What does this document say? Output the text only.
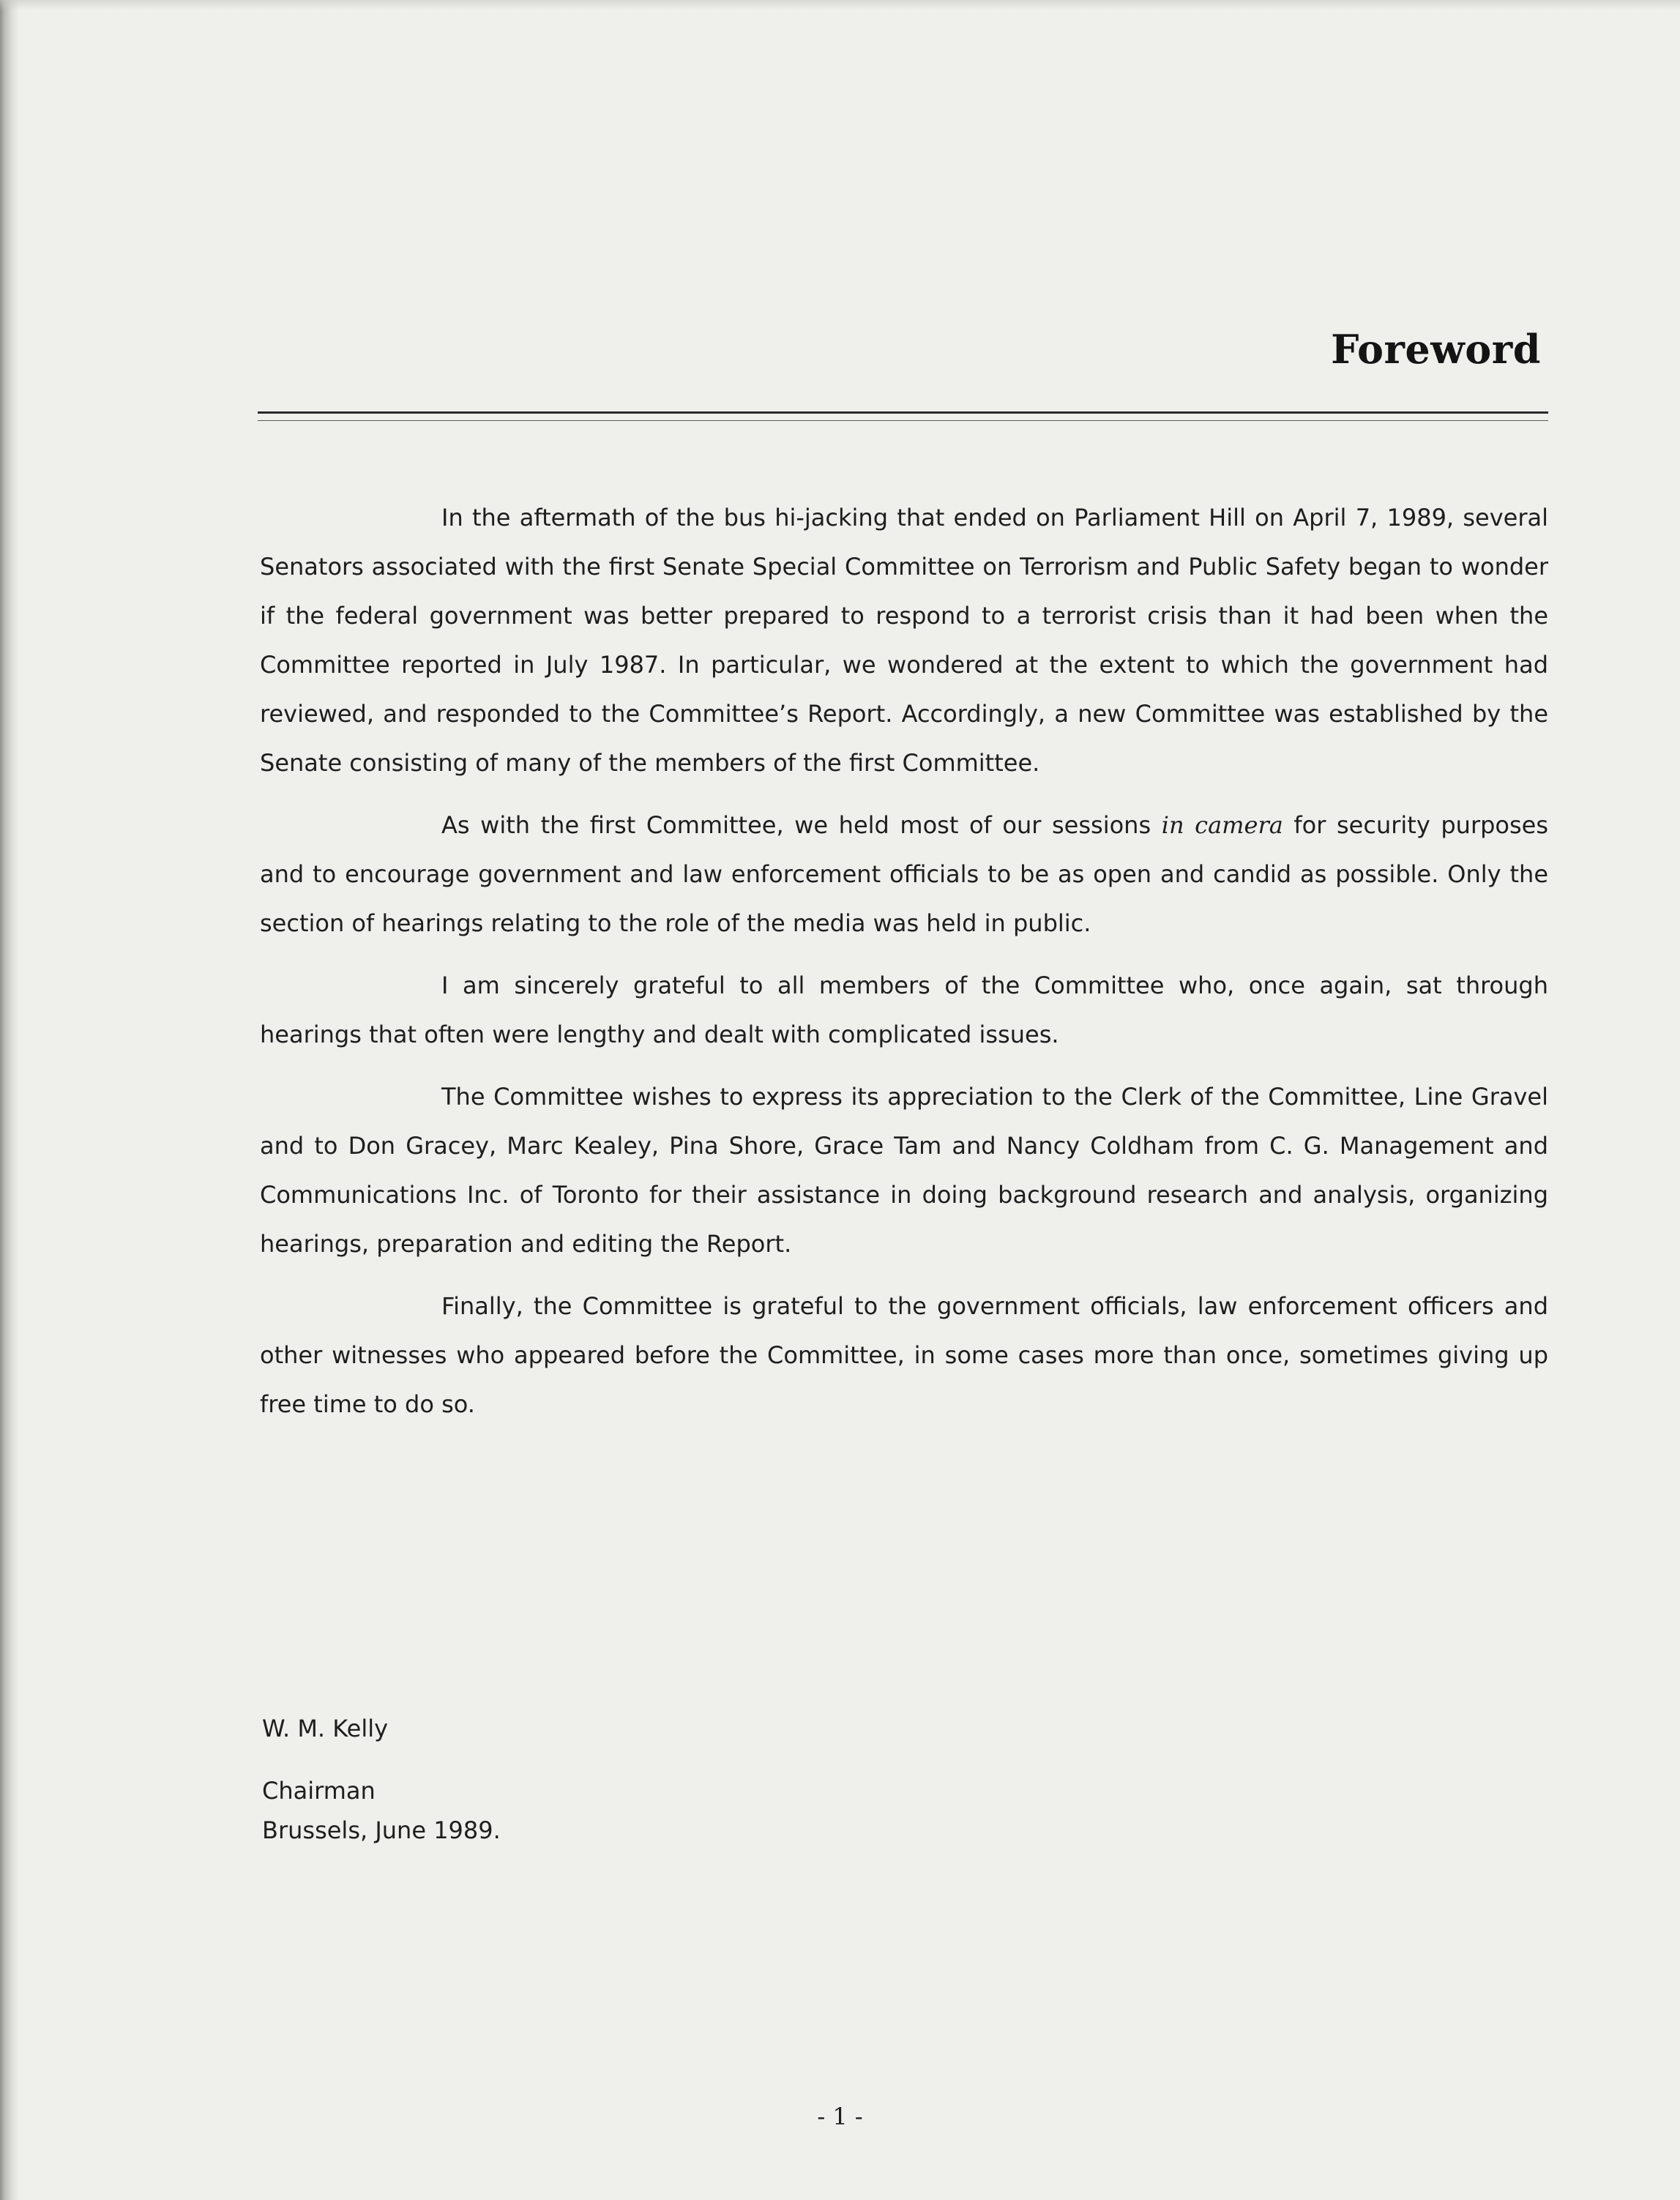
Foreword

In the aftermath of the bus hi-jacking that ended on Parliament Hill on April 7, 1989, several Senators associated with the first Senate Special Committee on Terrorism and Public Safety began to wonder if the federal government was better prepared to respond to a terrorist crisis than it had been when the Committee reported in July 1987. In particular, we wondered at the extent to which the government had reviewed, and responded to the Committee’s Report. Accordingly, a new Committee was established by the Senate consisting of many of the members of the first Committee.

As with the first Committee, we held most of our sessions in camera for security purposes and to encourage government and law enforcement officials to be as open and candid as possible. Only the section of hearings relating to the role of the media was held in public.

I am sincerely grateful to all members of the Committee who, once again, sat through hearings that often were lengthy and dealt with complicated issues.

The Committee wishes to express its appreciation to the Clerk of the Committee, Line Gravel and to Don Gracey, Marc Kealey, Pina Shore, Grace Tam and Nancy Coldham from C. G. Management and Communications Inc. of Toronto for their assistance in doing background research and analysis, organizing hearings, preparation and editing the Report.

Finally, the Committee is grateful to the government officials, law enforcement officers and other witnesses who appeared before the Committee, in some cases more than once, sometimes giving up free time to do so.

W. M. Kelly
Chairman
Brussels, June 1989.
- 1 -
